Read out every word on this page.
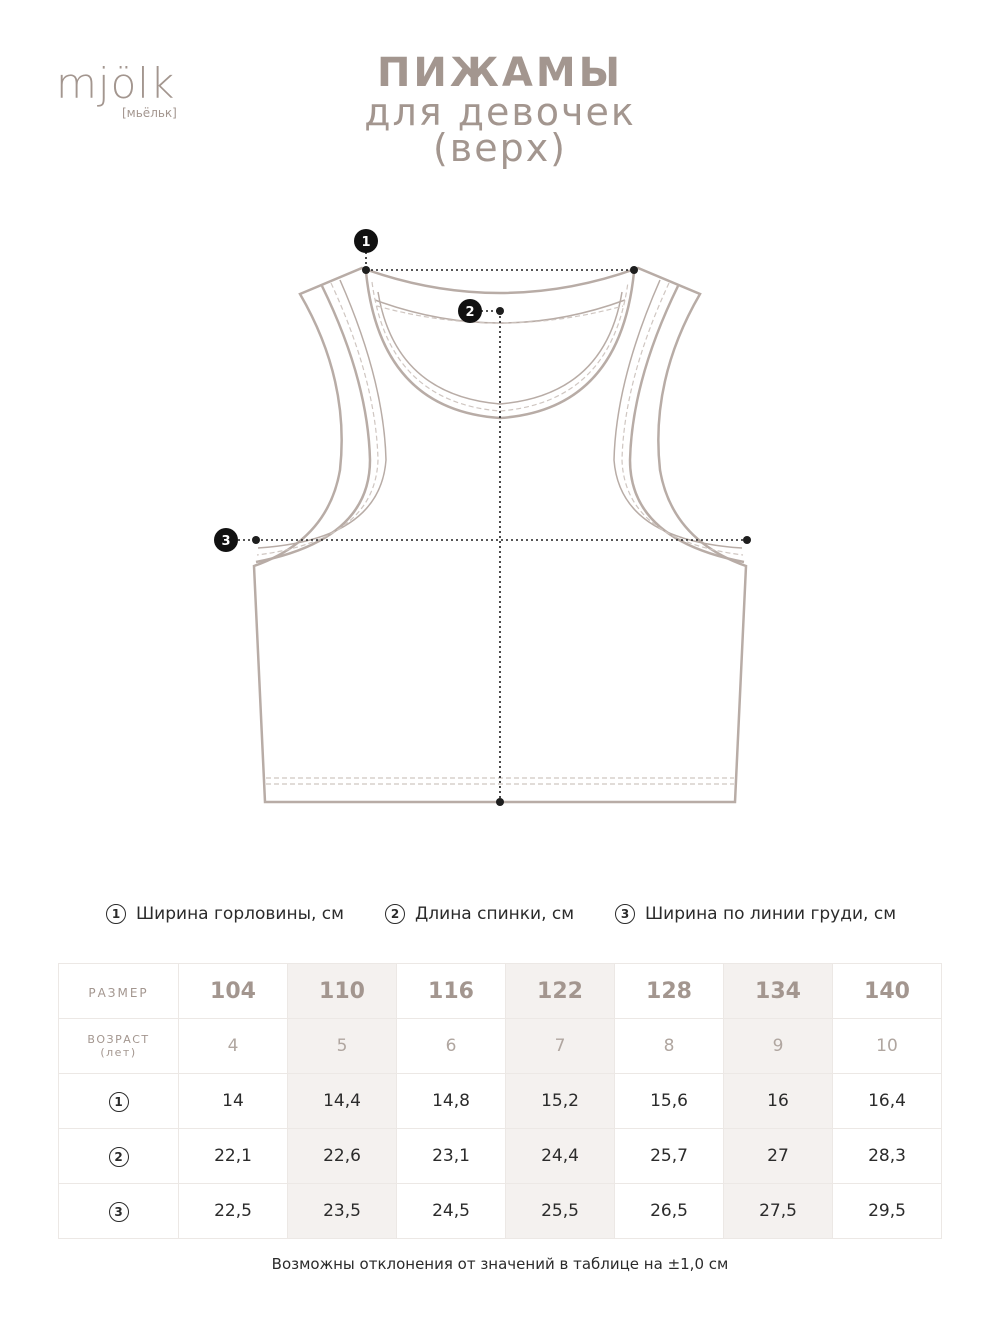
mjölk
[мьёльк]
ПИЖАМЫ
для девочек
(верх)
1
2
3
1 Ширина горловины, см	2 Длина спинки, см	3 Ширина по линии груди, см
РАЗМЕР	104	110	116	122	128	134	140

ВОЗРАСТ
(лет)	4	5	6	7	8	9	10
1	14	14,4	14,8	15,2	15,6	16	16,4
2	22,1	22,6	23,1	24,4	25,7	27	28,3
3	22,5	23,5	24,5	25,5	26,5	27,5	29,5
Возможны отклонения от значений в таблице на ±1,0 см
